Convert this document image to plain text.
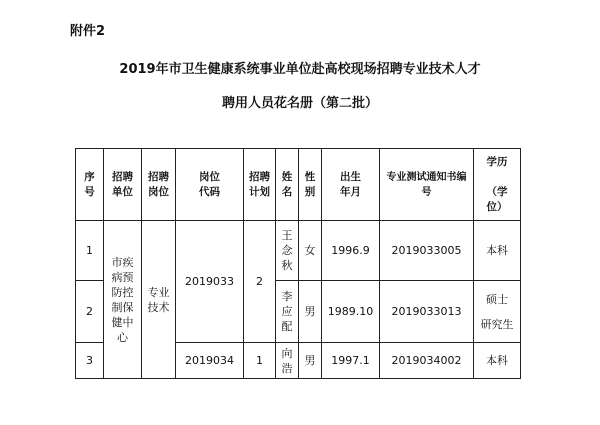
附件2
2019年市卫生健康系统事业单位赴高校现场招聘专业技术人才
聘用人员花名册（第二批）
序号	招聘单位	招聘岗位	岗位代码	招聘计划	姓名	性别	出生年月	专业测试通知书编号	学历
（学位）

1	市疾病预防控制保健中心	专业技术	2019033	2	王念秋	女	1996.9	2019033005	本科
2					李应配	男	1989.10	2019033013	硕士
研究生

3			2019034	1	向浩	男	1997.1	2019034002	本科
